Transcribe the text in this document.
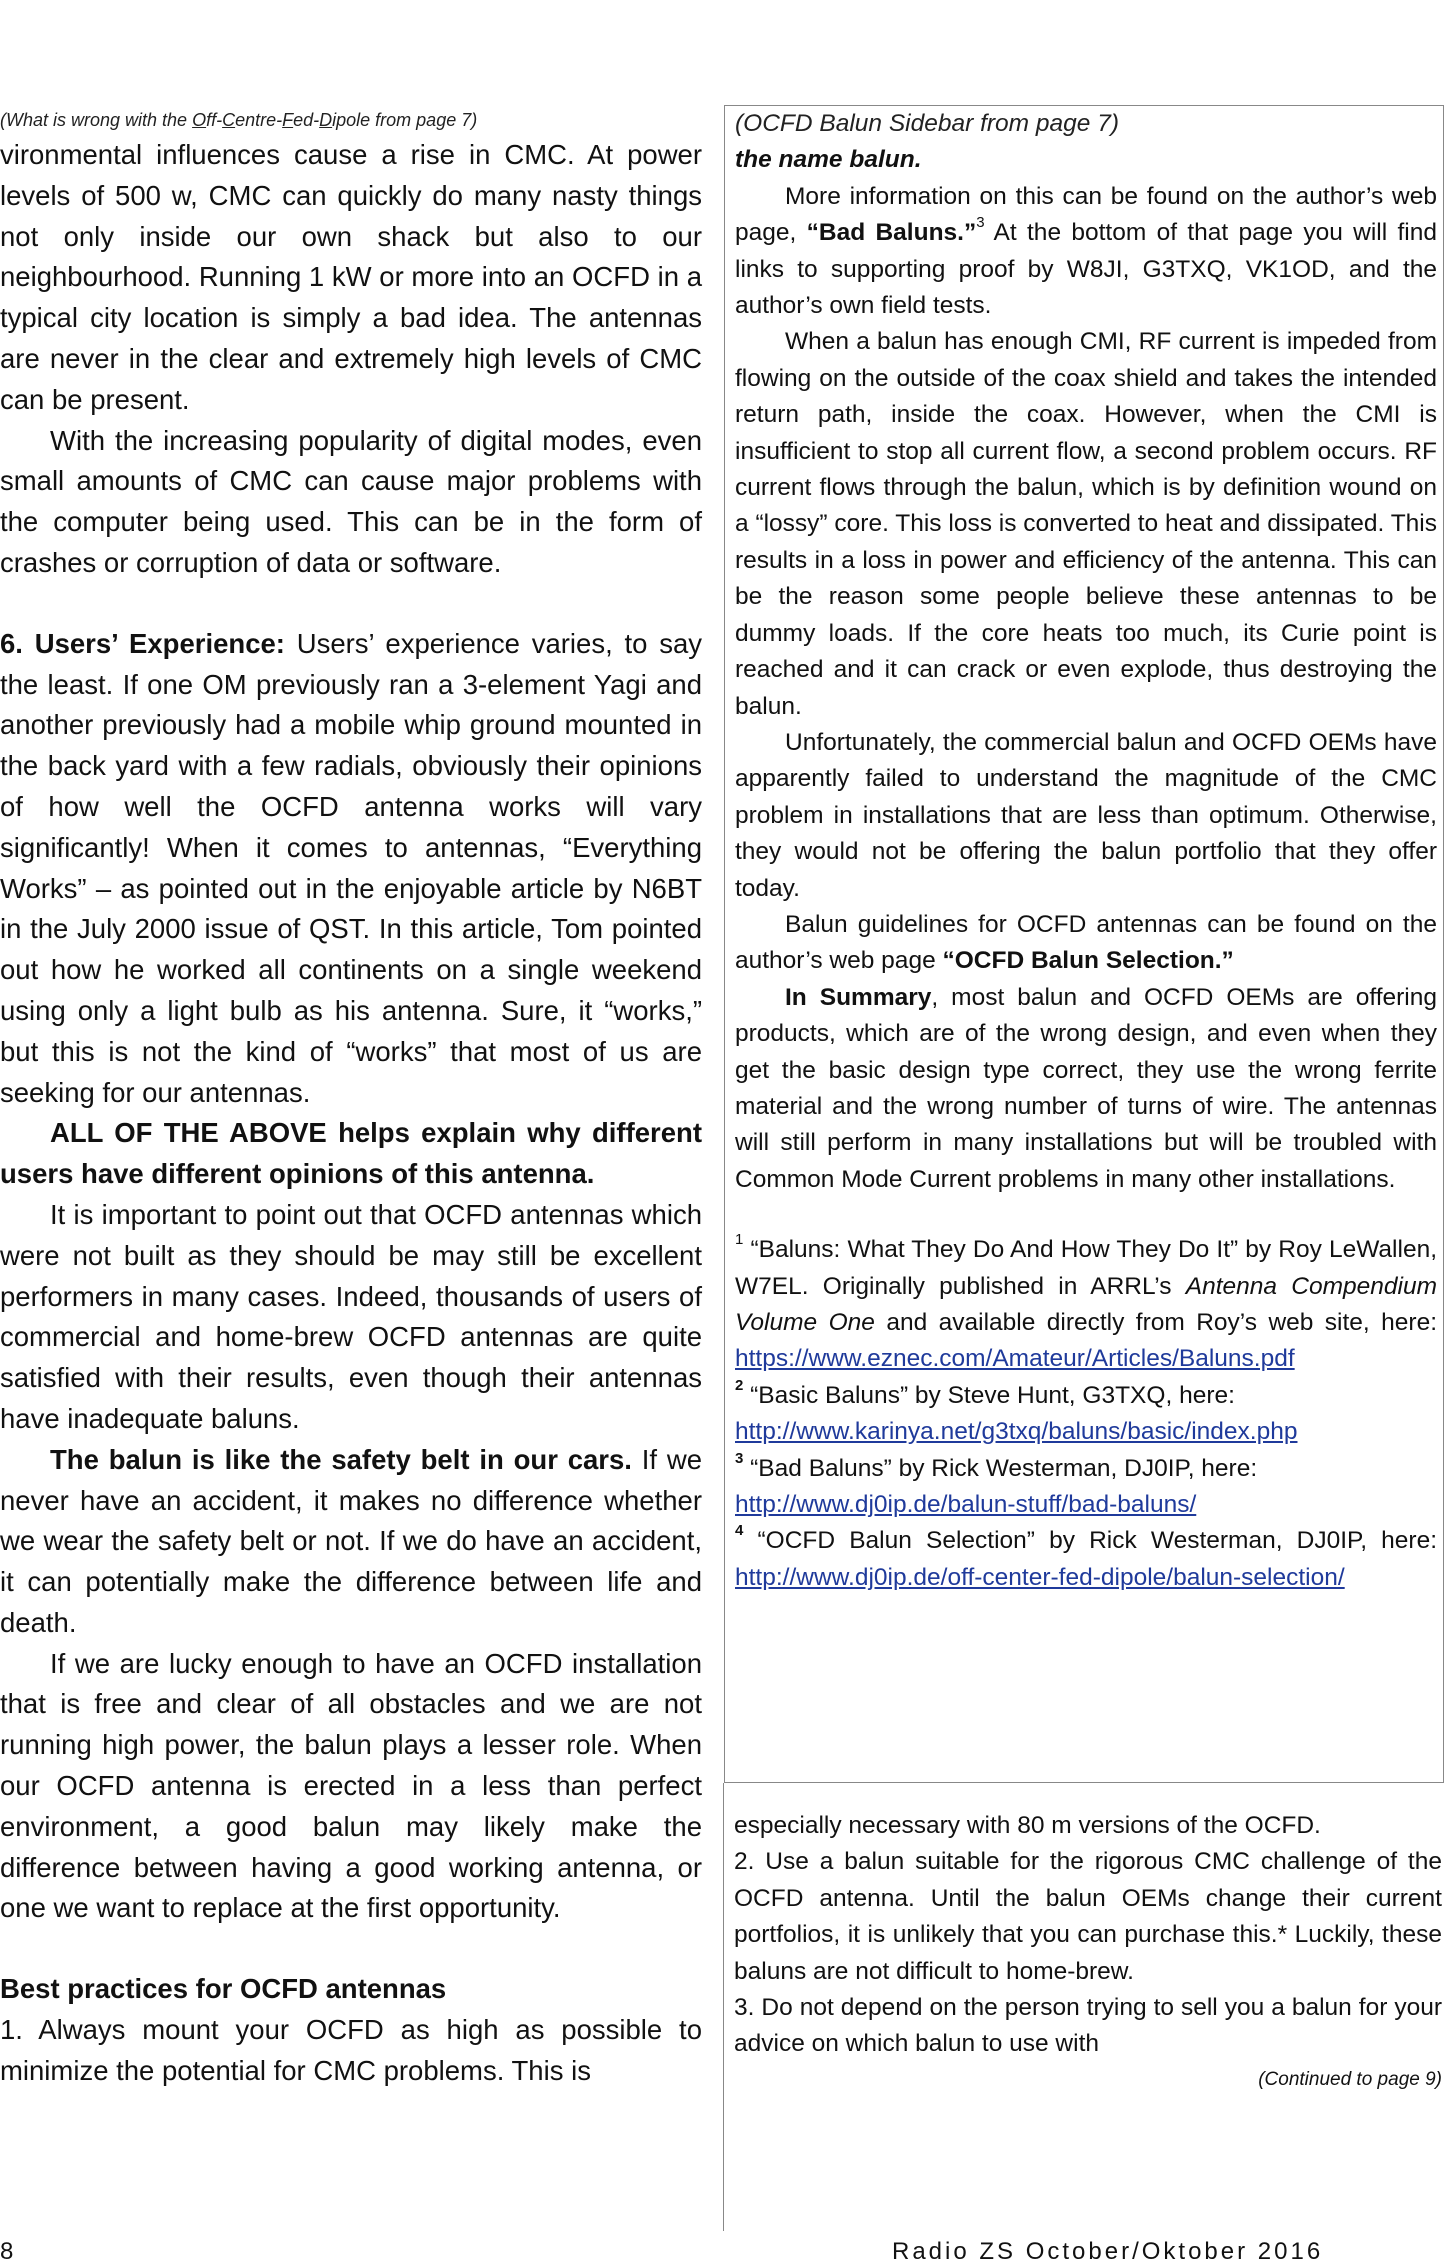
(What is wrong with the Off-Centre-Fed-Dipole from page 7)

vironmental influences cause a rise in CMC. At power levels of 500 w, CMC can quickly do many nasty things not only inside our own shack but also to our neighbourhood. Running 1 kW or more into an OCFD in a typical city location is simply a bad idea. The antennas are never in the clear and extremely high levels of CMC can be present.

With the increasing popularity of digital modes, even small amounts of CMC can cause major problems with the computer being used. This can be in the form of crashes or corruption of data or software.

6. Users’ Experience: Users’ experience varies, to say the least. If one OM previously ran a 3-element Yagi and another previously had a mobile whip ground mounted in the back yard with a few radials, obviously their opinions of how well the OCFD antenna works will vary significantly! When it comes to antennas, “Everything Works” – as pointed out in the enjoyable article by N6BT in the July 2000 issue of QST. In this article, Tom pointed out how he worked all continents on a single weekend using only a light bulb as his antenna. Sure, it “works,” but this is not the kind of “works” that most of us are seeking for our antennas.

ALL OF THE ABOVE helps explain why different users have different opinions of this antenna.

It is important to point out that OCFD antennas which were not built as they should be may still be excellent performers in many cases. Indeed, thousands of users of commercial and home-brew OCFD antennas are quite satisfied with their results, even though their antennas have inadequate baluns.

The balun is like the safety belt in our cars. If we never have an accident, it makes no difference whether we wear the safety belt or not. If we do have an accident, it can potentially make the difference between life and death.

If we are lucky enough to have an OCFD installation that is free and clear of all obstacles and we are not running high power, the balun plays a lesser role. When our OCFD antenna is erected in a less than perfect environment, a good balun may likely make the difference between having a good working antenna, or one we want to replace at the first opportunity.

Best practices for OCFD antennas

1. Always mount your OCFD as high as possible to minimize the potential for CMC problems. This is

(OCFD Balun Sidebar from page 7)

the name balun.

More information on this can be found on the author’s web page, “Bad Baluns.”$^3$ At the bottom of that page you will find links to supporting proof by W8JI, G3TXQ, VK1OD, and the author’s own field tests.

When a balun has enough CMI, RF current is impeded from flowing on the outside of the coax shield and takes the intended return path, inside the coax. However, when the CMI is insufficient to stop all current flow, a second problem occurs. RF current flows through the balun, which is by definition wound on a “lossy” core. This loss is converted to heat and dissipated. This results in a loss in power and efficiency of the antenna. This can be the reason some people believe these antennas to be dummy loads. If the core heats too much, its Curie point is reached and it can crack or even explode, thus destroying the balun.

Unfortunately, the commercial balun and OCFD OEMs have apparently failed to understand the magnitude of the CMC problem in installations that are less than optimum. Otherwise, they would not be offering the balun portfolio that they offer today.

Balun guidelines for OCFD antennas can be found on the author’s web page “OCFD Balun Selection.”

In Summary, most balun and OCFD OEMs are offering products, which are of the wrong design, and even when they get the basic design type correct, they use the wrong ferrite material and the wrong number of turns of wire. The antennas will still perform in many installations but will be troubled with Common Mode Current problems in many other installations.

$^1$ “Baluns: What They Do And How They Do It” by Roy LeWallen, W7EL. Originally published in ARRL’s Antenna Compendium Volume One and available directly from Roy’s web site, here: https://www.eznec.com/Amateur/Articles/Baluns.pdf

$^2$ “Basic Baluns” by Steve Hunt, G3TXQ, here:
http://www.karinya.net/g3txq/baluns/basic/index.php

$^3$ “Bad Baluns” by Rick Westerman, DJ0IP, here:
http://www.dj0ip.de/balun-stuff/bad-baluns/

$^4$ “OCFD Balun Selection” by Rick Westerman, DJ0IP, here: http://www.dj0ip.de/off-center-fed-dipole/balun-selection/

especially necessary with 80 m versions of the OCFD.

2. Use a balun suitable for the rigorous CMC challenge of the OCFD antenna. Until the balun OEMs change their current portfolios, it is unlikely that you can purchase this.* Luckily, these baluns are not difficult to home-brew.

3. Do not depend on the person trying to sell you a balun for your advice on which balun to use with

(Continued to page 9)
8	Radio ZS October/Oktober 2016
